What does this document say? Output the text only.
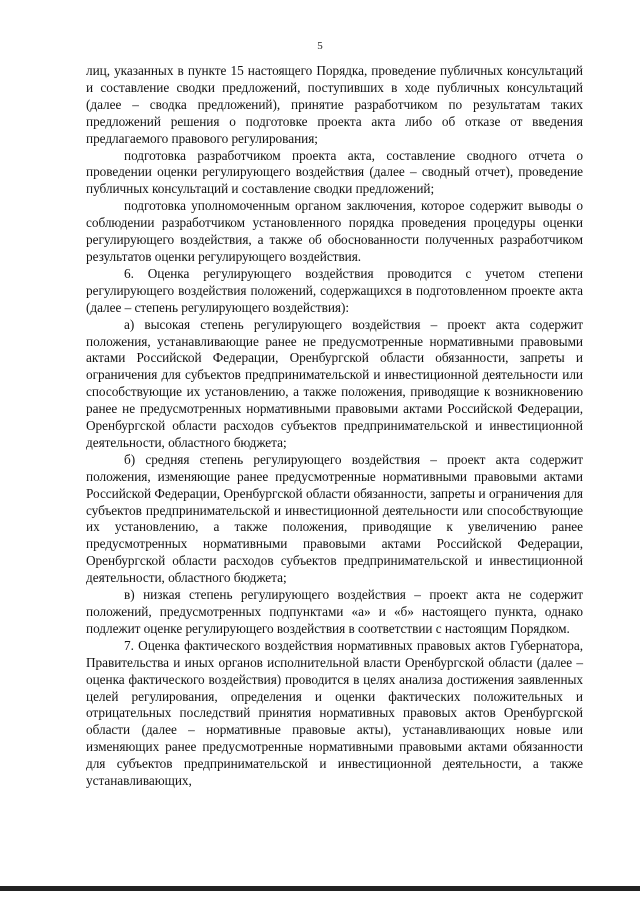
5

лиц, указанных в пункте 15 настоящего Порядка, проведение публичных консультаций и составление сводки предложений, поступивших в ходе публичных консультаций (далее – сводка предложений), принятие разработчиком по результатам таких предложений решения о подготовке проекта акта либо об отказе от введения предлагаемого правового регулирования;

подготовка разработчиком проекта акта, составление сводного отчета о проведении оценки регулирующего воздействия (далее – сводный отчет), проведение публичных консультаций и составление сводки предложений;

подготовка уполномоченным органом заключения, которое содержит выводы о соблюдении разработчиком установленного порядка проведения процедуры оценки регулирующего воздействия, а также об обоснованности полученных разработчиком результатов оценки регулирующего воздействия.

6. Оценка регулирующего воздействия проводится с учетом степени регулирующего воздействия положений, содержащихся в подготовленном проекте акта (далее – степень регулирующего воздействия):

а) высокая степень регулирующего воздействия – проект акта содержит положения, устанавливающие ранее не предусмотренные нормативными правовыми актами Российской Федерации, Оренбургской области обязанности, запреты и ограничения для субъектов предпринимательской и инвестиционной деятельности или способствующие их установлению, а также положения, приводящие к возникновению ранее не предусмотренных нормативными правовыми актами Российской Федерации, Оренбургской области расходов субъектов предпринимательской и инвестиционной деятельности, областного бюджета;

б) средняя степень регулирующего воздействия – проект акта содержит положения, изменяющие ранее предусмотренные нормативными правовыми актами Российской Федерации, Оренбургской области обязанности, запреты и ограничения для субъектов предпринимательской и инвестиционной деятельности или способствующие их установлению, а также положения, приводящие к увеличению ранее предусмотренных нормативными правовыми актами Российской Федерации, Оренбургской области расходов субъектов предпринимательской и инвестиционной деятельности, областного бюджета;

в) низкая степень регулирующего воздействия – проект акта не содержит положений, предусмотренных подпунктами «а» и «б» настоящего пункта, однако подлежит оценке регулирующего воздействия в соответствии с настоящим Порядком.

7. Оценка фактического воздействия нормативных правовых актов Губернатора, Правительства и иных органов исполнительной власти Оренбургской области (далее – оценка фактического воздействия) проводится в целях анализа достижения заявленных целей регулирования, определения и оценки фактических положительных и отрицательных последствий принятия нормативных правовых актов Оренбургской области (далее – нормативные правовые акты), устанавливающих новые или изменяющих ранее предусмотренные нормативными правовыми актами обязанности для субъектов предпринимательской и инвестиционной деятельности, а также устанавливающих,
